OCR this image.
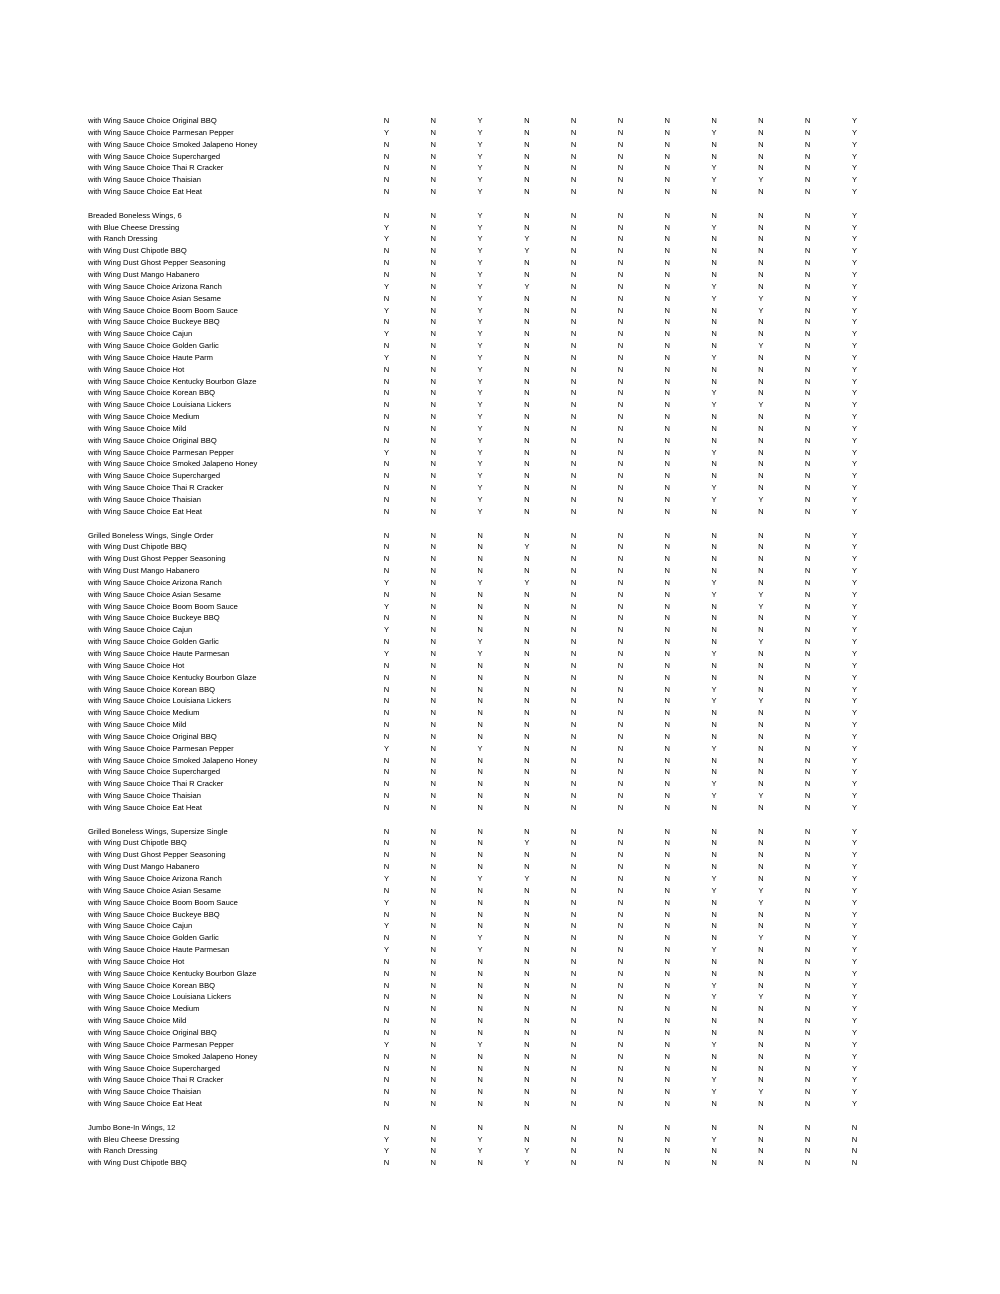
with Wing Sauce Choice Original BBQ	N	N	Y	N	N	N	N	N	N	N	Y
with Wing Sauce Choice Parmesan Pepper	Y	N	Y	N	N	N	N	Y	N	N	Y
with Wing Sauce Choice Smoked Jalapeno Honey	N	N	Y	N	N	N	N	N	N	N	Y
with Wing Sauce Choice Supercharged	N	N	Y	N	N	N	N	N	N	N	Y
with Wing Sauce Choice Thai R Cracker	N	N	Y	N	N	N	N	Y	N	N	Y
with Wing Sauce Choice Thaisian	N	N	Y	N	N	N	N	Y	Y	N	Y
with Wing Sauce Choice Eat Heat	N	N	Y	N	N	N	N	N	N	N	Y

Breaded Boneless Wings, 6	N	N	Y	N	N	N	N	N	N	N	Y
with Blue Cheese Dressing	Y	N	Y	N	N	N	N	Y	N	N	Y
with Ranch Dressing	Y	N	Y	Y	N	N	N	N	N	N	Y
with Wing Dust Chipotle BBQ	N	N	Y	Y	N	N	N	N	N	N	Y
with Wing Dust Ghost Pepper Seasoning	N	N	Y	N	N	N	N	N	N	N	Y
with Wing Dust Mango Habanero	N	N	Y	N	N	N	N	N	N	N	Y
with Wing Sauce Choice Arizona Ranch	Y	N	Y	Y	N	N	N	Y	N	N	Y
with Wing Sauce Choice Asian Sesame	N	N	Y	N	N	N	N	Y	Y	N	Y
with Wing Sauce Choice Boom Boom Sauce	Y	N	Y	N	N	N	N	N	Y	N	Y
with Wing Sauce Choice Buckeye BBQ	N	N	Y	N	N	N	N	N	N	N	Y
with Wing Sauce Choice Cajun	Y	N	Y	N	N	N	N	N	N	N	Y
with Wing Sauce Choice Golden Garlic	N	N	Y	N	N	N	N	N	Y	N	Y
with Wing Sauce Choice Haute Parm	Y	N	Y	N	N	N	N	Y	N	N	Y
with Wing Sauce Choice Hot	N	N	Y	N	N	N	N	N	N	N	Y
with Wing Sauce Choice Kentucky Bourbon Glaze	N	N	Y	N	N	N	N	N	N	N	Y
with Wing Sauce Choice Korean BBQ	N	N	Y	N	N	N	N	Y	N	N	Y
with Wing Sauce Choice Louisiana Lickers	N	N	Y	N	N	N	N	Y	Y	N	Y
with Wing Sauce Choice Medium	N	N	Y	N	N	N	N	N	N	N	Y
with Wing Sauce Choice Mild	N	N	Y	N	N	N	N	N	N	N	Y
with Wing Sauce Choice Original BBQ	N	N	Y	N	N	N	N	N	N	N	Y
with Wing Sauce Choice Parmesan Pepper	Y	N	Y	N	N	N	N	Y	N	N	Y
with Wing Sauce Choice Smoked Jalapeno Honey	N	N	Y	N	N	N	N	N	N	N	Y
with Wing Sauce Choice Supercharged	N	N	Y	N	N	N	N	N	N	N	Y
with Wing Sauce Choice Thai R Cracker	N	N	Y	N	N	N	N	Y	N	N	Y
with Wing Sauce Choice Thaisian	N	N	Y	N	N	N	N	Y	Y	N	Y
with Wing Sauce Choice Eat Heat	N	N	Y	N	N	N	N	N	N	N	Y

Grilled Boneless Wings, Single Order	N	N	N	N	N	N	N	N	N	N	Y
with Wing Dust Chipotle BBQ	N	N	N	Y	N	N	N	N	N	N	Y
with Wing Dust Ghost Pepper Seasoning	N	N	N	N	N	N	N	N	N	N	Y
with Wing Dust Mango Habanero	N	N	N	N	N	N	N	N	N	N	Y
with Wing Sauce Choice Arizona Ranch	Y	N	Y	Y	N	N	N	Y	N	N	Y
with Wing Sauce Choice Asian Sesame	N	N	N	N	N	N	N	Y	Y	N	Y
with Wing Sauce Choice Boom Boom Sauce	Y	N	N	N	N	N	N	N	Y	N	Y
with Wing Sauce Choice Buckeye BBQ	N	N	N	N	N	N	N	N	N	N	Y
with Wing Sauce Choice Cajun	Y	N	N	N	N	N	N	N	N	N	Y
with Wing Sauce Choice Golden Garlic	N	N	Y	N	N	N	N	N	Y	N	Y
with Wing Sauce Choice Haute Parmesan	Y	N	Y	N	N	N	N	Y	N	N	Y
with Wing Sauce Choice Hot	N	N	N	N	N	N	N	N	N	N	Y
with Wing Sauce Choice Kentucky Bourbon Glaze	N	N	N	N	N	N	N	N	N	N	Y
with Wing Sauce Choice Korean BBQ	N	N	N	N	N	N	N	Y	N	N	Y
with Wing Sauce Choice Louisiana Lickers	N	N	N	N	N	N	N	Y	Y	N	Y
with Wing Sauce Choice Medium	N	N	N	N	N	N	N	N	N	N	Y
with Wing Sauce Choice Mild	N	N	N	N	N	N	N	N	N	N	Y
with Wing Sauce Choice Original BBQ	N	N	N	N	N	N	N	N	N	N	Y
with Wing Sauce Choice Parmesan Pepper	Y	N	Y	N	N	N	N	Y	N	N	Y
with Wing Sauce Choice Smoked Jalapeno Honey	N	N	N	N	N	N	N	N	N	N	Y
with Wing Sauce Choice Supercharged	N	N	N	N	N	N	N	N	N	N	Y
with Wing Sauce Choice Thai R Cracker	N	N	N	N	N	N	N	Y	N	N	Y
with Wing Sauce Choice Thaisian	N	N	N	N	N	N	N	Y	Y	N	Y
with Wing Sauce Choice Eat Heat	N	N	N	N	N	N	N	N	N	N	Y

Grilled Boneless Wings, Supersize Single	N	N	N	N	N	N	N	N	N	N	Y
with Wing Dust Chipotle BBQ	N	N	N	Y	N	N	N	N	N	N	Y
with Wing Dust Ghost Pepper Seasoning	N	N	N	N	N	N	N	N	N	N	Y
with Wing Dust Mango Habanero	N	N	N	N	N	N	N	N	N	N	Y
with Wing Sauce Choice Arizona Ranch	Y	N	Y	Y	N	N	N	Y	N	N	Y
with Wing Sauce Choice Asian Sesame	N	N	N	N	N	N	N	Y	Y	N	Y
with Wing Sauce Choice Boom Boom Sauce	Y	N	N	N	N	N	N	N	Y	N	Y
with Wing Sauce Choice Buckeye BBQ	N	N	N	N	N	N	N	N	N	N	Y
with Wing Sauce Choice Cajun	Y	N	N	N	N	N	N	N	N	N	Y
with Wing Sauce Choice Golden Garlic	N	N	Y	N	N	N	N	N	Y	N	Y
with Wing Sauce Choice Haute Parmesan	Y	N	Y	N	N	N	N	Y	N	N	Y
with Wing Sauce Choice Hot	N	N	N	N	N	N	N	N	N	N	Y
with Wing Sauce Choice Kentucky Bourbon Glaze	N	N	N	N	N	N	N	N	N	N	Y
with Wing Sauce Choice Korean BBQ	N	N	N	N	N	N	N	Y	N	N	Y
with Wing Sauce Choice Louisiana Lickers	N	N	N	N	N	N	N	Y	Y	N	Y
with Wing Sauce Choice Medium	N	N	N	N	N	N	N	N	N	N	Y
with Wing Sauce Choice Mild	N	N	N	N	N	N	N	N	N	N	Y
with Wing Sauce Choice Original BBQ	N	N	N	N	N	N	N	N	N	N	Y
with Wing Sauce Choice Parmesan Pepper	Y	N	Y	N	N	N	N	Y	N	N	Y
with Wing Sauce Choice Smoked Jalapeno Honey	N	N	N	N	N	N	N	N	N	N	Y
with Wing Sauce Choice Supercharged	N	N	N	N	N	N	N	N	N	N	Y
with Wing Sauce Choice Thai R Cracker	N	N	N	N	N	N	N	Y	N	N	Y
with Wing Sauce Choice Thaisian	N	N	N	N	N	N	N	Y	Y	N	Y
with Wing Sauce Choice Eat Heat	N	N	N	N	N	N	N	N	N	N	Y

Jumbo Bone-In Wings, 12	N	N	N	N	N	N	N	N	N	N	N
with Bleu Cheese Dressing	Y	N	Y	N	N	N	N	Y	N	N	N
with Ranch Dressing	Y	N	Y	Y	N	N	N	N	N	N	N
with Wing Dust Chipotle BBQ	N	N	N	Y	N	N	N	N	N	N	N
